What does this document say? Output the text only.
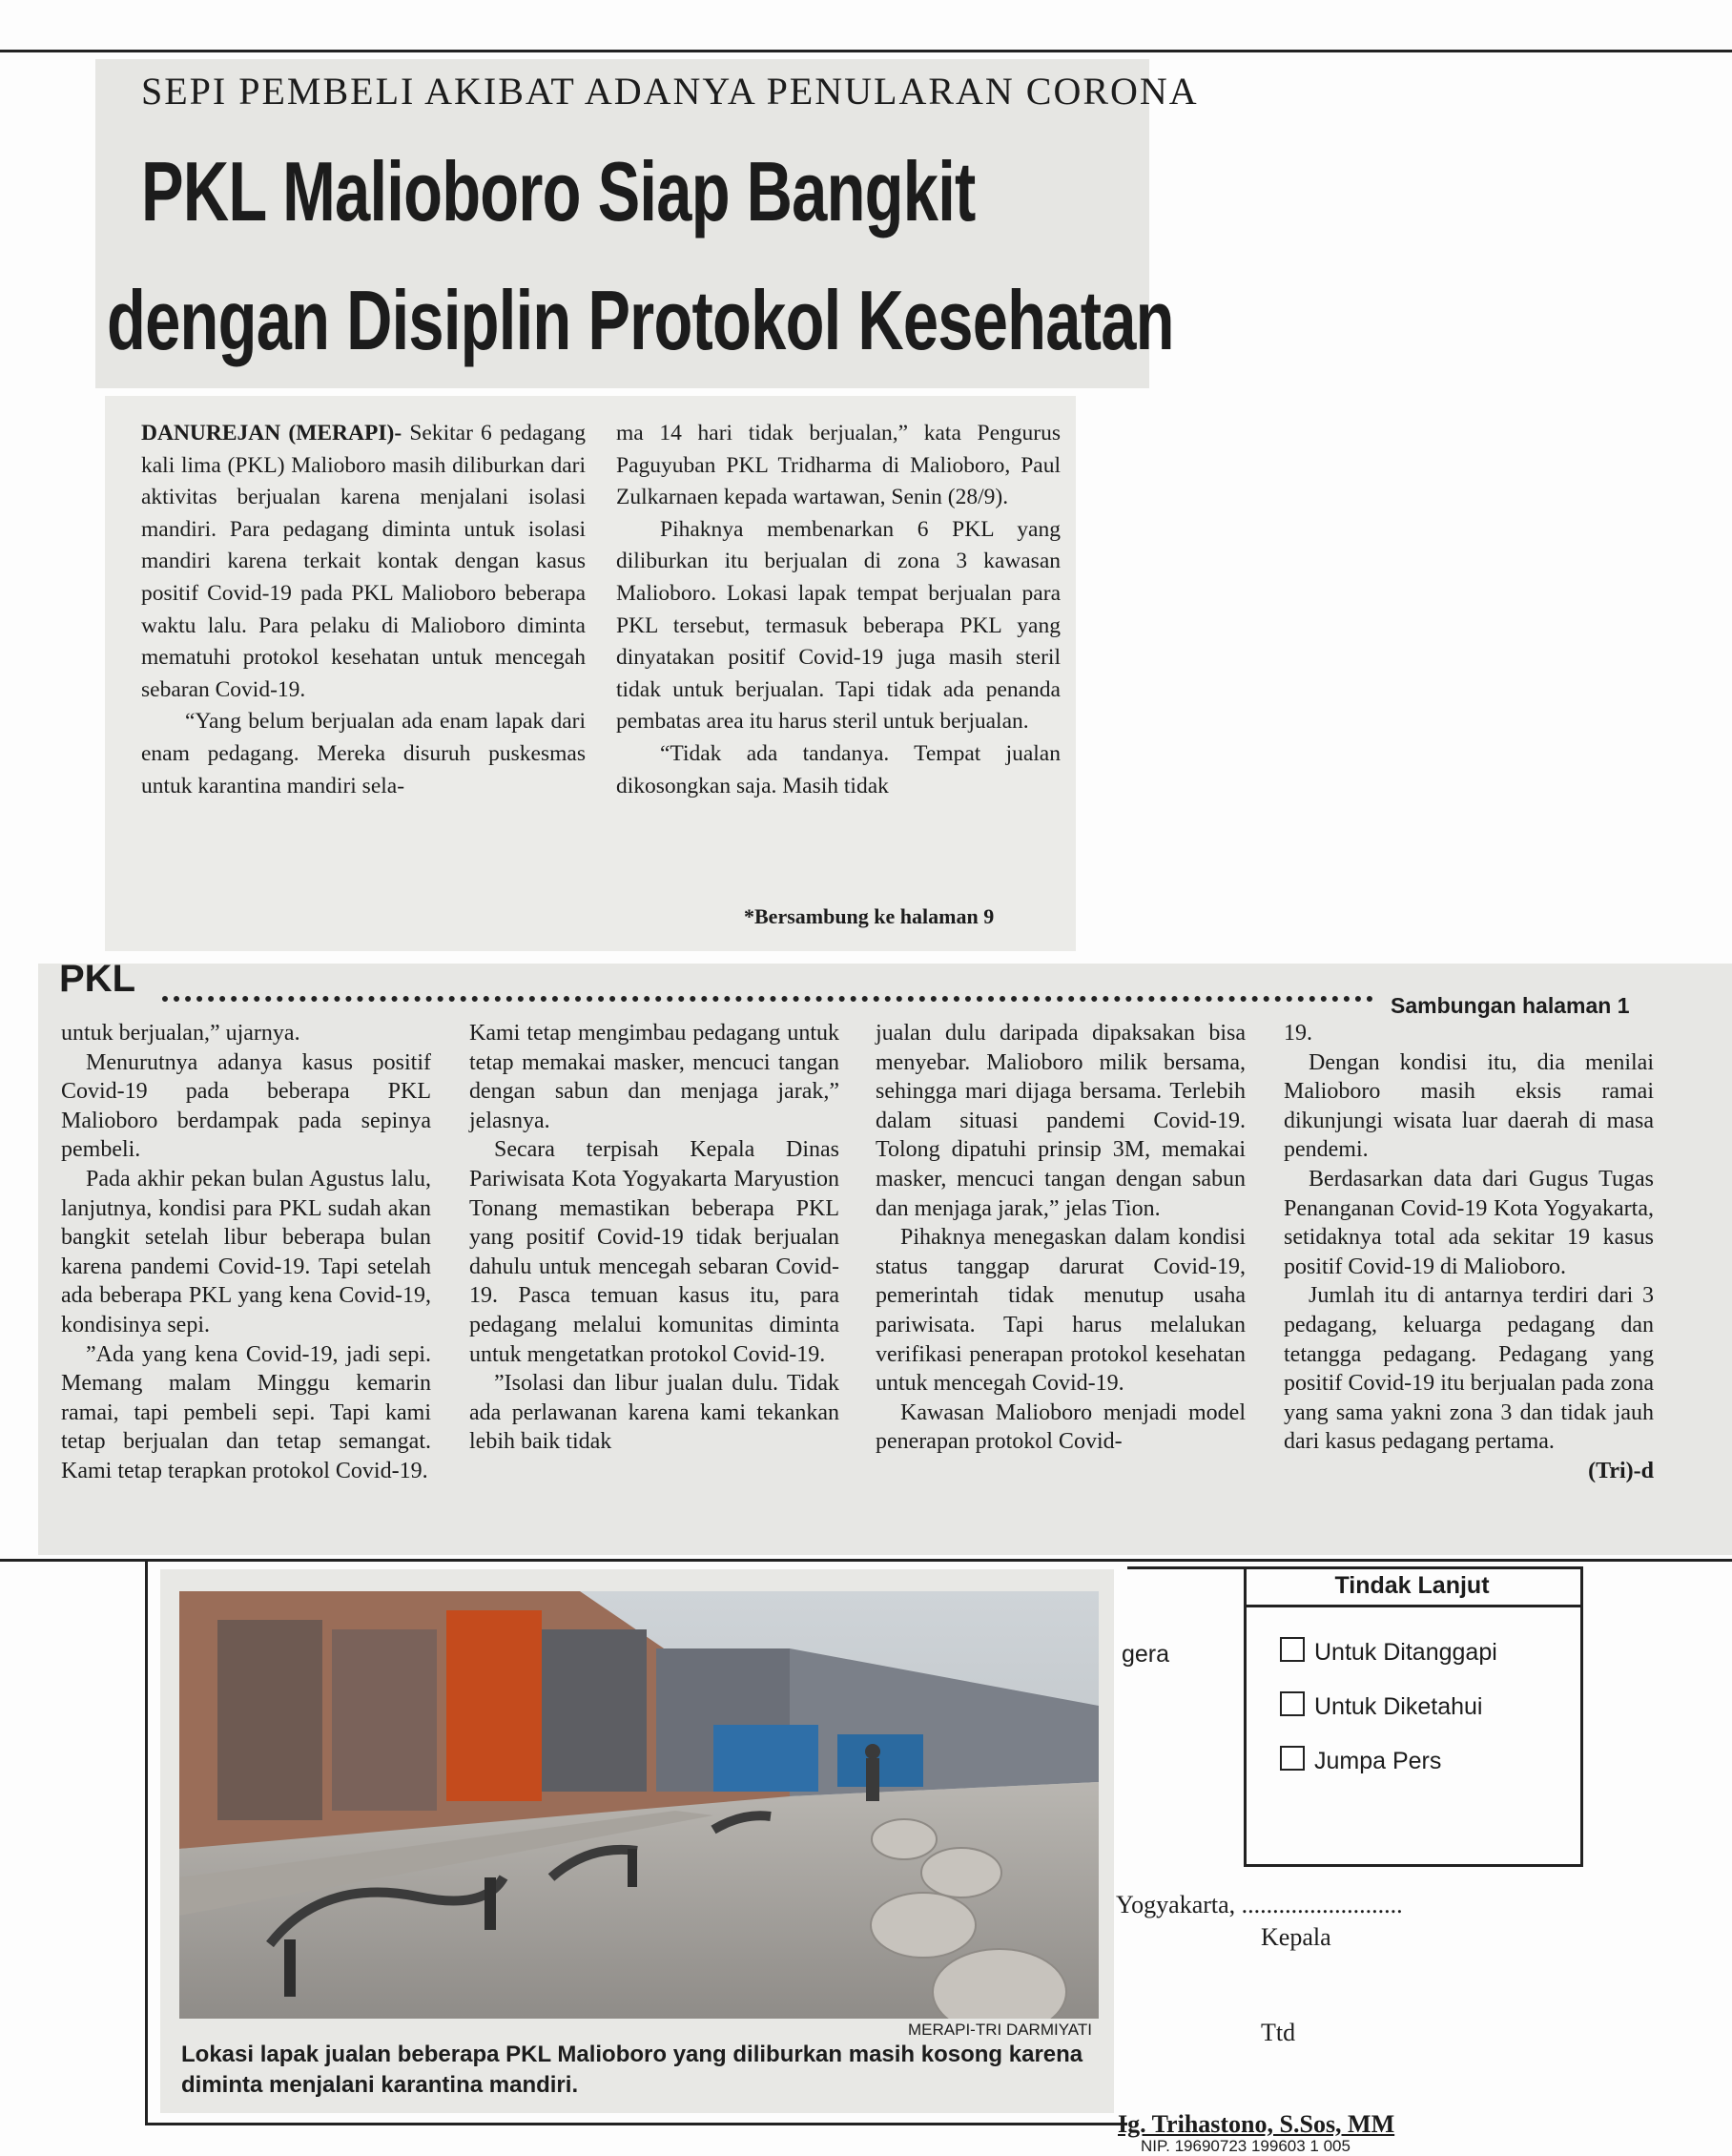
SEPI PEMBELI AKIBAT ADANYA PENULARAN CORONA
PKL Malioboro Siap Bangkit
dengan Disiplin Protokol Kesehatan

DANUREJAN (MERAPI)- Sekitar 6 pedagang kali lima (PKL) Malioboro masih diliburkan dari aktivitas berjualan karena menjalani isolasi mandiri. Para pedagang diminta untuk isolasi mandiri karena terkait kontak dengan kasus positif Covid-19 pada PKL Malioboro beberapa waktu lalu. Para pelaku di Malioboro diminta mematuhi protokol kesehatan untuk mencegah sebaran Covid-19.

“Yang belum berjualan ada enam lapak dari enam pedagang. Mereka disuruh puskesmas untuk karantina mandiri sela-

ma 14 hari tidak berjualan,” kata Pengurus Paguyuban PKL Tridharma di Malioboro, Paul Zulkarnaen kepada wartawan, Senin (28/9).

Pihaknya membenarkan 6 PKL yang diliburkan itu berjualan di zona 3 kawasan Malioboro. Lokasi lapak tempat berjualan para PKL tersebut, termasuk beberapa PKL yang dinyatakan positif Covid-19 juga masih steril tidak untuk berjualan. Tapi tidak ada penanda pembatas area itu harus steril untuk berjualan.

“Tidak ada tandanya. Tempat jualan dikosongkan saja. Masih tidak

*Bersambung ke halaman 9
PKL
Sambungan halaman 1

untuk berjualan,” ujarnya.

Menurutnya adanya kasus positif Covid-19 pada beberapa PKL Malioboro berdampak pada sepinya pembeli.

Pada akhir pekan bulan Agustus lalu, lanjutnya, kondisi para PKL sudah akan bangkit setelah libur beberapa bulan karena pandemi Covid-19. Tapi setelah ada beberapa PKL yang kena Covid-19, kondisinya sepi.

”Ada yang kena Covid-19, jadi sepi. Memang malam Minggu kemarin ramai, tapi pembeli sepi. Tapi kami tetap berjualan dan tetap semangat. Kami tetap terapkan protokol Covid-19.

Kami tetap mengimbau pedagang untuk tetap memakai masker, mencuci tangan dengan sabun dan menjaga jarak,” jelasnya.

Secara terpisah Kepala Dinas Pariwisata Kota Yogyakarta Maryustion Tonang memastikan beberapa PKL yang positif Covid-19 tidak berjualan dahulu untuk mencegah sebaran Covid-19. Pasca temuan kasus itu, para pedagang melalui komunitas diminta untuk mengetatkan protokol Covid-19.

”Isolasi dan libur jualan dulu. Tidak ada perlawanan karena kami tekankan lebih baik tidak

jualan dulu daripada dipaksakan bisa menyebar. Malioboro milik bersama, sehingga mari dijaga bersama. Terlebih dalam situasi pandemi Covid-19. Tolong dipatuhi prinsip 3M, memakai masker, mencuci tangan dengan sabun dan menjaga jarak,” jelas Tion.

Pihaknya menegaskan dalam kondisi status tanggap darurat Covid-19, pemerintah tidak menutup usaha pariwisata. Tapi harus melalukan verifikasi penerapan protokol kesehatan untuk mencegah Covid-19.

Kawasan Malioboro menjadi model penerapan protokol Covid-

19.

Dengan kondisi itu, dia menilai Malioboro masih eksis ramai dikunjungi wisata luar daerah di masa pendemi.

Berdasarkan data dari Gugus Tugas Penanganan Covid-19 Kota Yogyakarta, setidaknya total ada sekitar 19 kasus positif Covid-19 di Malioboro.

Jumlah itu di antarnya terdiri dari 3 pedagang, keluarga pedagang dan tetangga pedagang. Pedagang yang positif Covid-19 itu berjualan pada zona yang sama yakni zona 3 dan tidak jauh dari kasus pedagang pertama.

(Tri)-d

MERAPI-TRI DARMIYATI
Lokasi lapak jualan beberapa PKL Malioboro yang diliburkan masih kosong karena diminta menjalani karantina mandiri.
Tindak Lanjut
gera	Untuk Ditanggapi
Untuk Diketahui
Jumpa Pers
Yogyakarta, ..........................
Kepala
Ttd
Ig. Trihastono, S.Sos, MM
NIP. 19690723 199603 1 005
